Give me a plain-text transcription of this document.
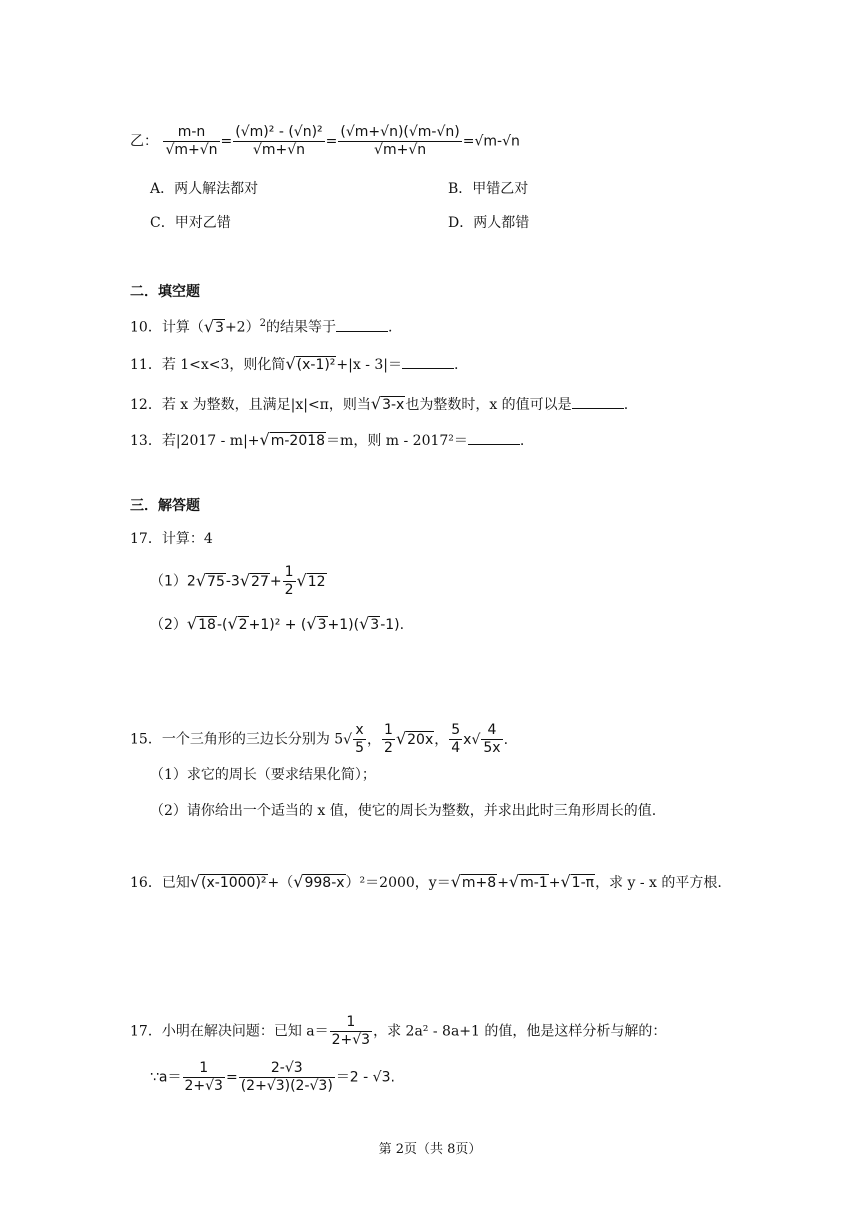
乙： $\frac{m-n}{√m+√n} = \frac{\text{(√m)² - (√n)²}}{√m+√n} = \frac{(√m+√n)(√m-√n)}{√m+√n} =√m-√n$
A．两人解法都对	B．甲错乙对
C．甲对乙错	D．两人都错
二．填空题
10．计算$(√3+2)^2$的结果等于	.
11．若 1<x<3，则化简√(x-1)²+|x - 3|＝	.
12．若 x 为整数，且满足|x|<π，则当√3-x也为整数时，x 的值可以是	.
13．若|2017 - m|+√m-2018＝m，则 m - 2017²＝	.
三．解答题
17．计算：4
$(1)2√75-3√27+ \frac{1}{2} √12$
（2）√18-(√2+1)² + (√3+1)(√3-1).
15．一个三角形的三边长分别为 $5√ \frac{x}{5}$ ， $\frac{1}{2} √20x$， $\frac{5}{4} x√ \frac{4}{5x}$ .
（1）求它的周长（要求结果化简）；
（2）请你给出一个适当的 x 值，使它的周长为整数，并求出此时三角形周长的值.
16．已知√(x-1000)²+（√998-x）²＝2000，y＝√m+8+√m-1+√1-π，求 y - x 的平方根.
17．小明在解决问题：已知 $a= \frac{1}{2+√3}$ ，求 2a² - 8a+1 的值，他是这样分析与解的：
∵a＝ $\frac{1}{2+√3} = \frac{2-√3}{(2+√3)(2-√3)} =2 - √3$.
第 2页（共 8页）
